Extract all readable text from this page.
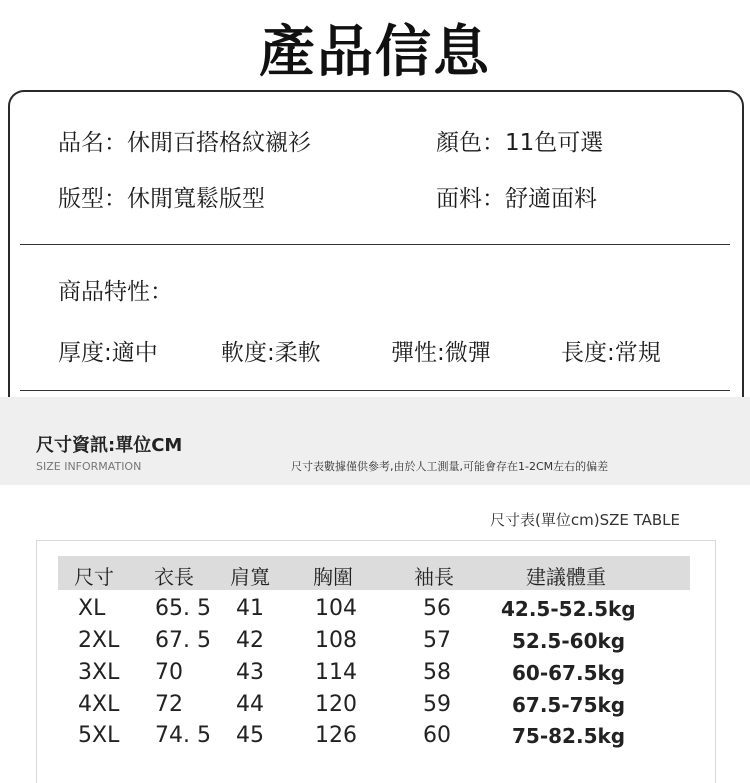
產品信息
品名：休閒百搭格紋襯衫	顏色：11色可選
版型：休閒寬鬆版型	面料：舒適面料
商品特性：
厚度:適中	軟度:柔軟	彈性:微彈	長度:常規
尺寸資訊:單位CM
SIZE INFORMATION	尺寸表數據僅供參考,由於人工測量,可能會存在1-2CM左右的偏差
尺寸表(單位cm)SZE TABLE
尺寸 衣長 肩寬 胸圍	袖長	建議體重
XL 65. 5 41 104	56	42.5-52.5kg
2XL 67. 5 42 108	57	52.5-60kg
3XL 70 43 114	58	60-67.5kg
4XL 72 44 120	59	67.5-75kg
5XL 74. 5 45 126	60	75-82.5kg
